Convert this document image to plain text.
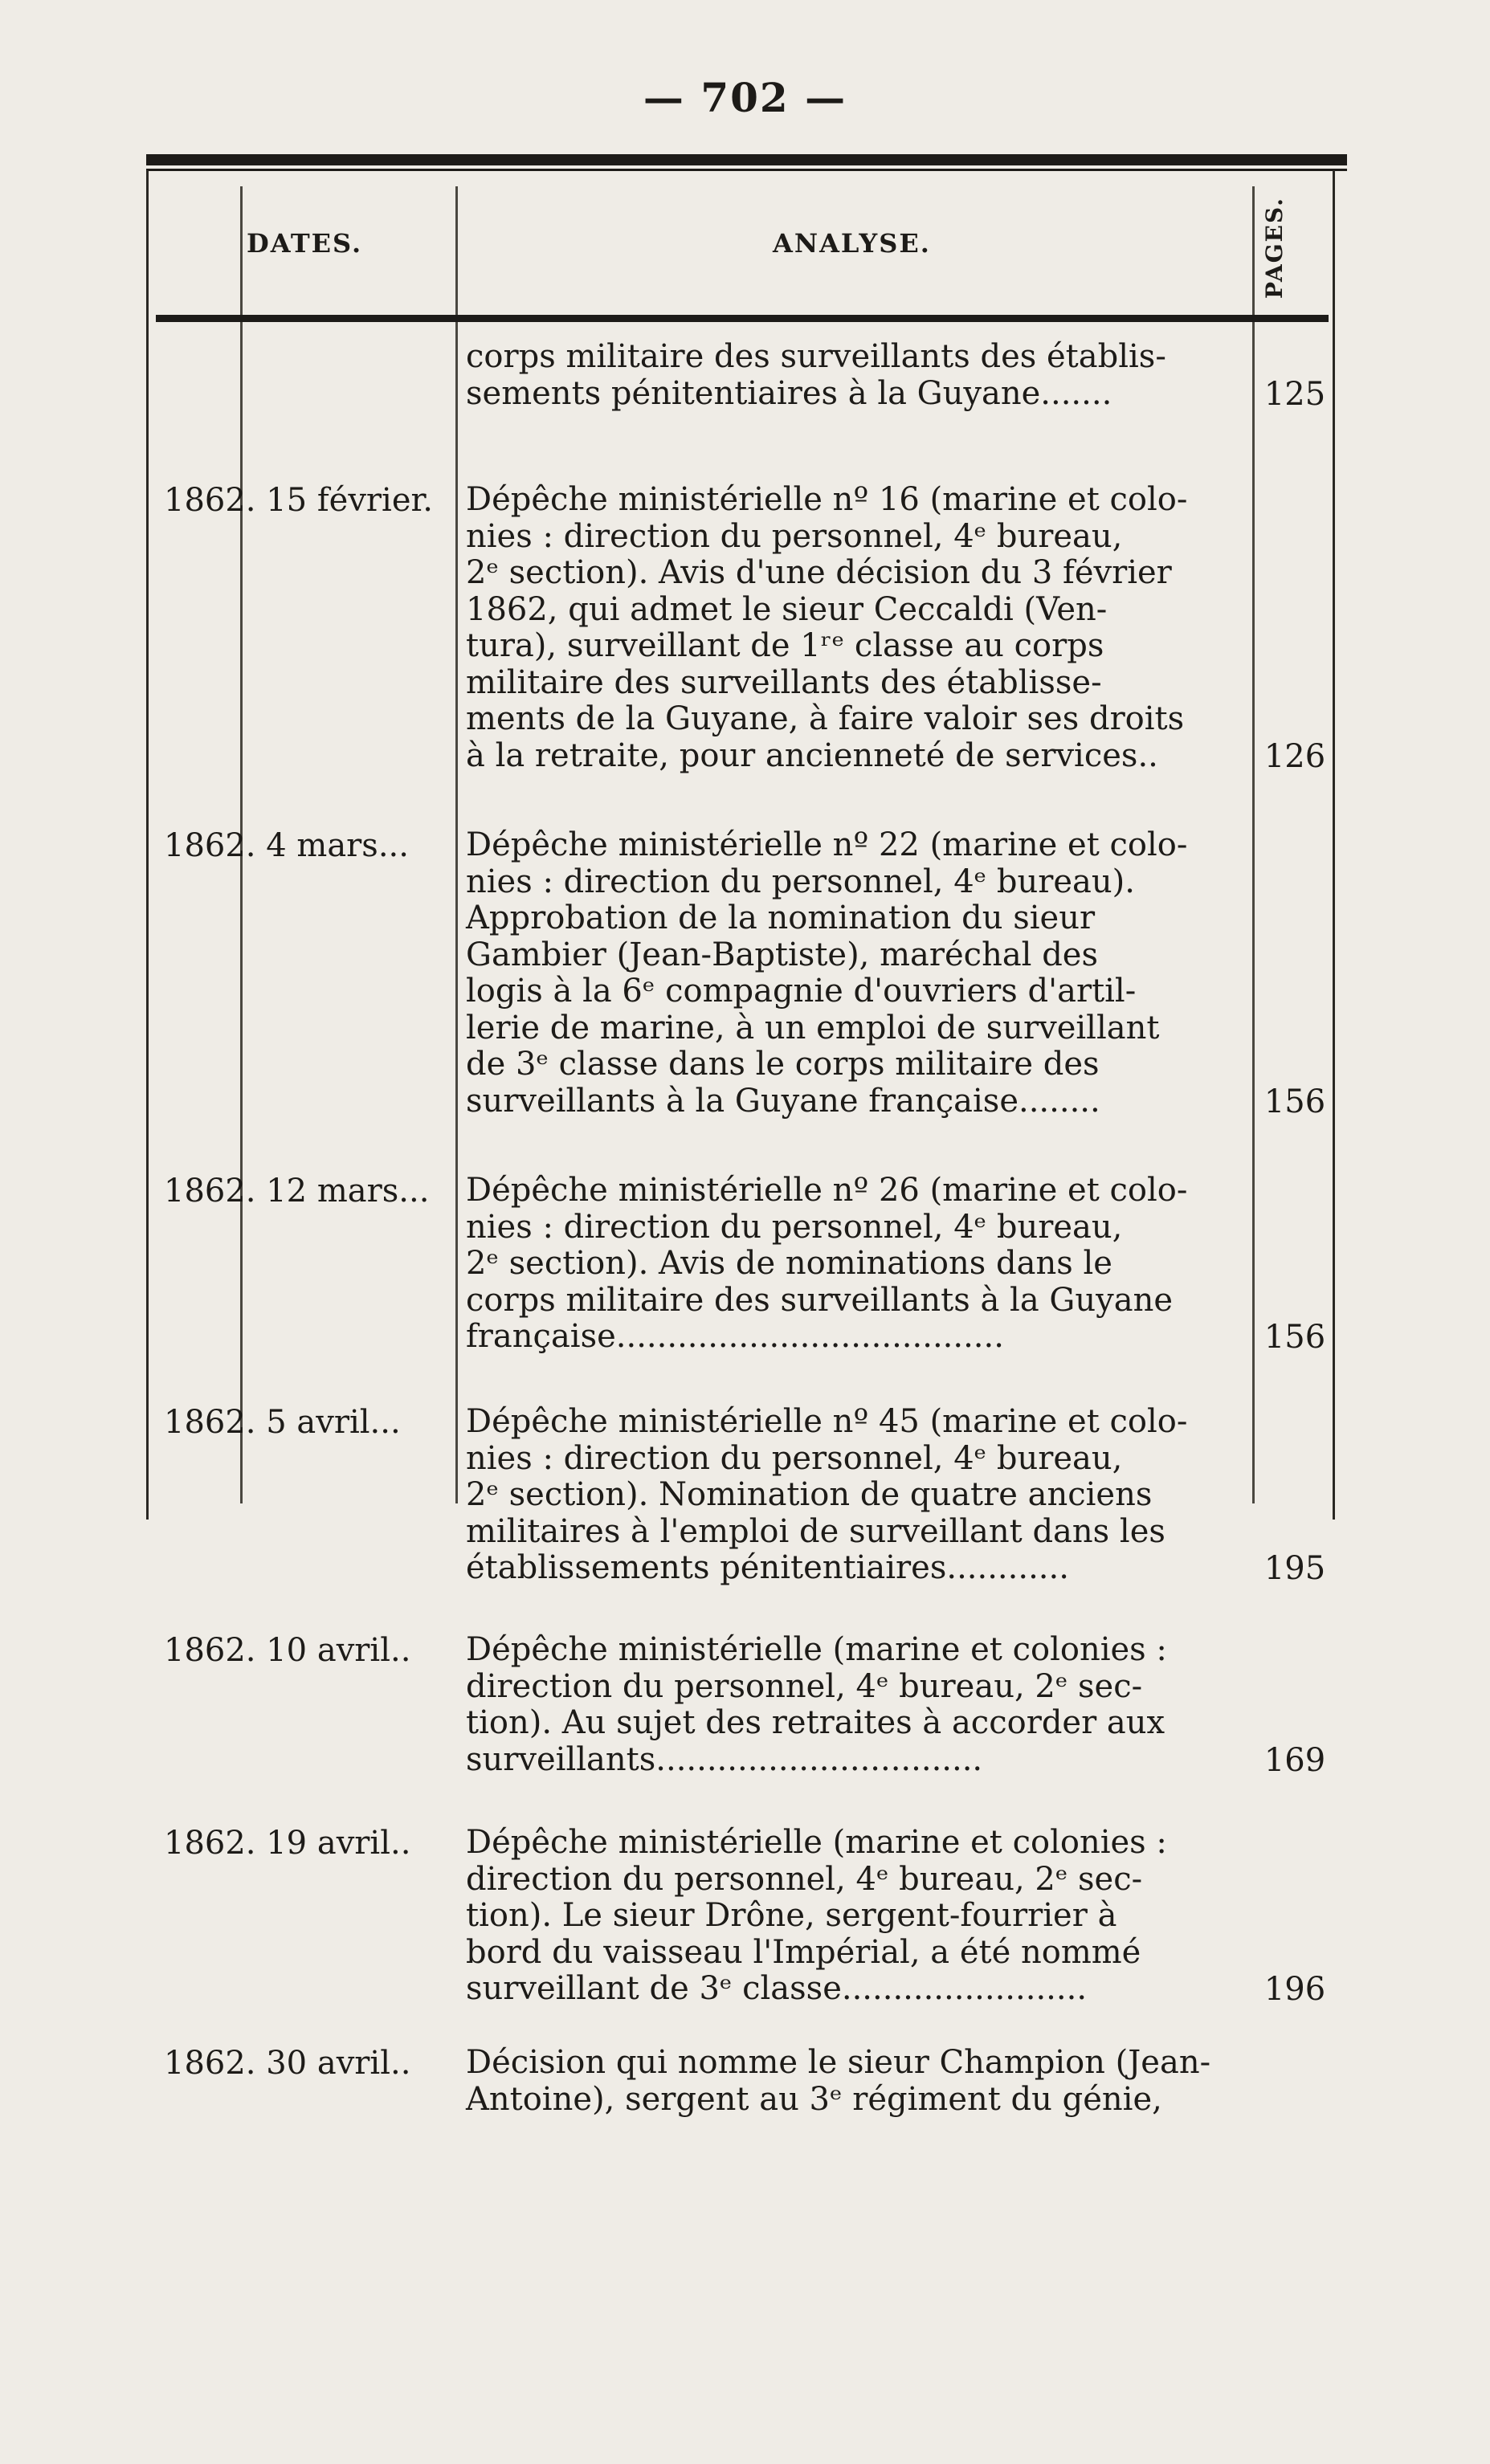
— 702 —
DATES.	ANALYSE.	PAGES.
corps militaire des surveillants des établis-
sements pénitentiaires à la Guyane.......	125
1862. 15 février. Dépêche ministérielle nº 16 (marine et colo-
nies : direction du personnel, 4ᵉ bureau,
2ᵉ section). Avis d'une décision du 3 février
1862, qui admet le sieur Ceccaldi (Ven-
tura), surveillant de 1ʳᵉ classe au corps
militaire des surveillants des établisse-
ments de la Guyane, à faire valoir ses droits
à la retraite, pour ancienneté de services..	126
1862. 4 mars... Dépêche ministérielle nº 22 (marine et colo-
nies : direction du personnel, 4ᵉ bureau).
Approbation de la nomination du sieur
Gambier (Jean-Baptiste), maréchal des
logis à la 6ᵉ compagnie d'ouvriers d'artil-
lerie de marine, à un emploi de surveillant
de 3ᵉ classe dans le corps militaire des
surveillants à la Guyane française........	156
1862. 12 mars... Dépêche ministérielle nº 26 (marine et colo-
nies : direction du personnel, 4ᵉ bureau,
2ᵉ section). Avis de nominations dans le
corps militaire des surveillants à la Guyane
française......................................	156
1862. 5 avril... Dépêche ministérielle nº 45 (marine et colo-
nies : direction du personnel, 4ᵉ bureau,
2ᵉ section). Nomination de quatre anciens
militaires à l'emploi de surveillant dans les
établissements pénitentiaires............	195
1862. 10 avril.. Dépêche ministérielle (marine et colonies :
direction du personnel, 4ᵉ bureau, 2ᵉ sec-
tion). Au sujet des retraites à accorder aux
surveillants................................	169
1862. 19 avril.. Dépêche ministérielle (marine et colonies :
direction du personnel, 4ᵉ bureau, 2ᵉ sec-
tion). Le sieur Drône, sergent-fourrier à
bord du vaisseau l'Impérial, a été nommé
surveillant de 3ᵉ classe........................	196
1862. 30 avril.. Décision qui nomme le sieur Champion (Jean-
Antoine), sergent au 3ᵉ régiment du génie,
